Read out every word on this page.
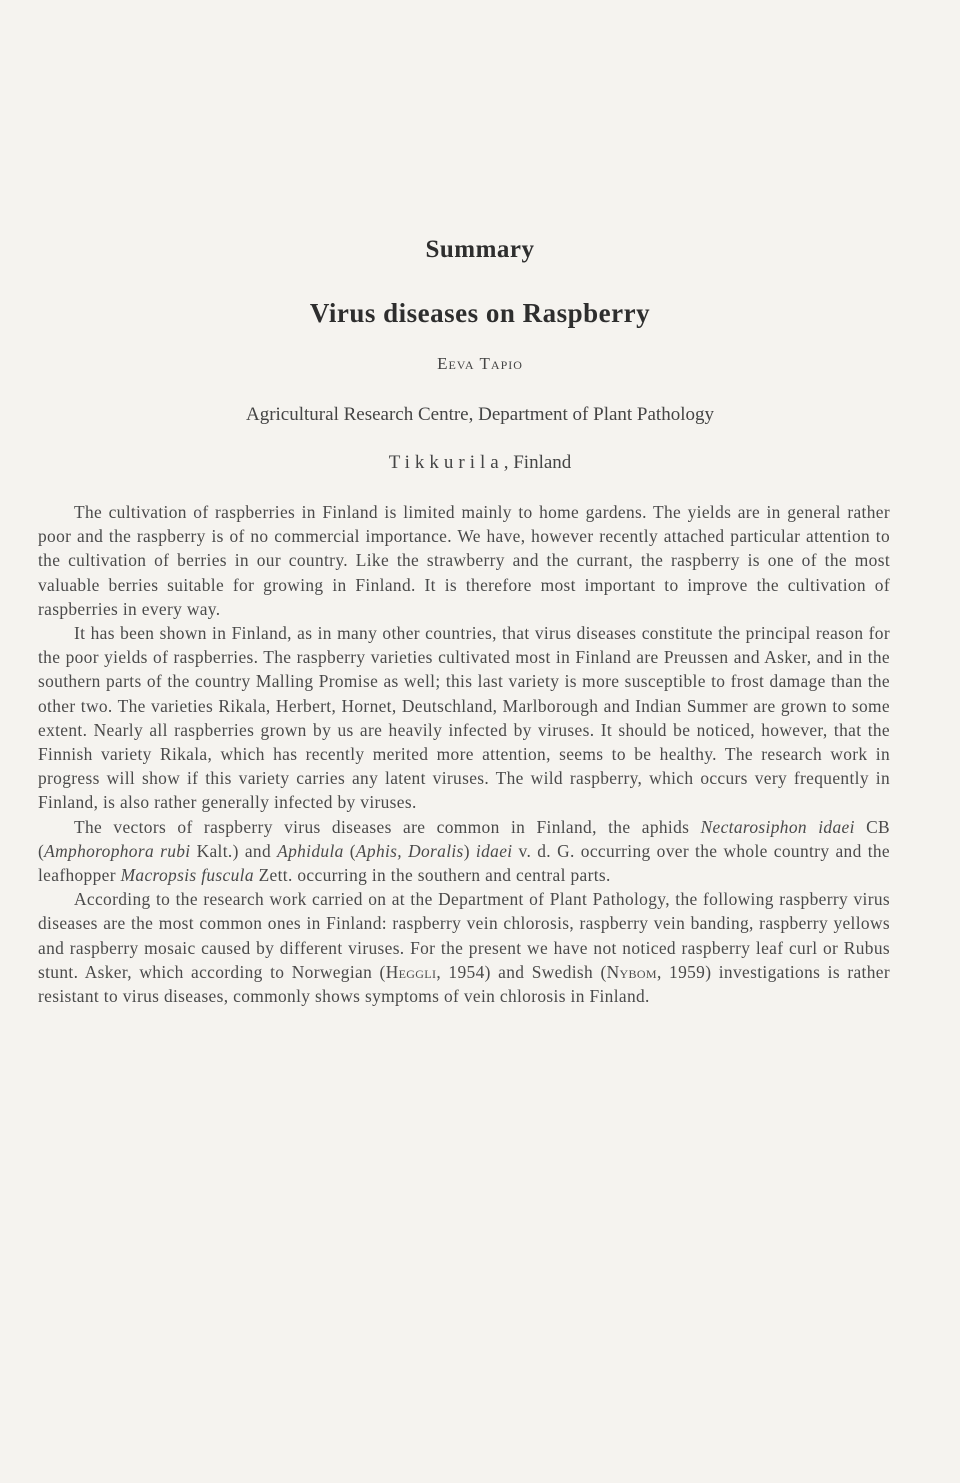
Summary
Virus diseases on Raspberry
Eeva Tapio
Agricultural Research Centre, Department of Plant Pathology
Tikkurila, Finland

The cultivation of raspberries in Finland is limited mainly to home gardens. The yields are in general rather poor and the raspberry is of no commercial importance. We have, however recently attached particular attention to the cultivation of berries in our country. Like the strawberry and the currant, the raspberry is one of the most valuable berries suitable for growing in Finland. It is therefore most important to improve the cultivation of raspberries in every way.

It has been shown in Finland, as in many other countries, that virus diseases constitute the principal reason for the poor yields of raspberries. The raspberry varieties cultivated most in Finland are Preussen and Asker, and in the southern parts of the country Malling Promise as well; this last variety is more susceptible to frost damage than the other two. The varieties Rikala, Herbert, Hornet, Deutschland, Marlborough and Indian Summer are grown to some extent. Nearly all raspberries grown by us are heavily infected by viruses. It should be noticed, however, that the Finnish variety Rikala, which has recently merited more attention, seems to be healthy. The research work in progress will show if this variety carries any latent viruses. The wild raspberry, which occurs very frequently in Finland, is also rather generally infected by viruses.

The vectors of raspberry virus diseases are common in Finland, the aphids Nectarosiphon idaei CB (Amphorophora rubi Kalt.) and Aphidula (Aphis, Doralis) idaei v. d. G. occurring over the whole country and the leafhopper Macropsis fuscula Zett. occurring in the southern and central parts.

According to the research work carried on at the Department of Plant Pathology, the following raspberry virus diseases are the most common ones in Finland: raspberry vein chlorosis, raspberry vein banding, raspberry yellows and raspberry mosaic caused by different viruses. For the present we have not noticed raspberry leaf curl or Rubus stunt. Asker, which according to Norwegian (Heggli, 1954) and Swedish (Nybom, 1959) investigations is rather resistant to virus diseases, commonly shows symptoms of vein chlorosis in Finland.
